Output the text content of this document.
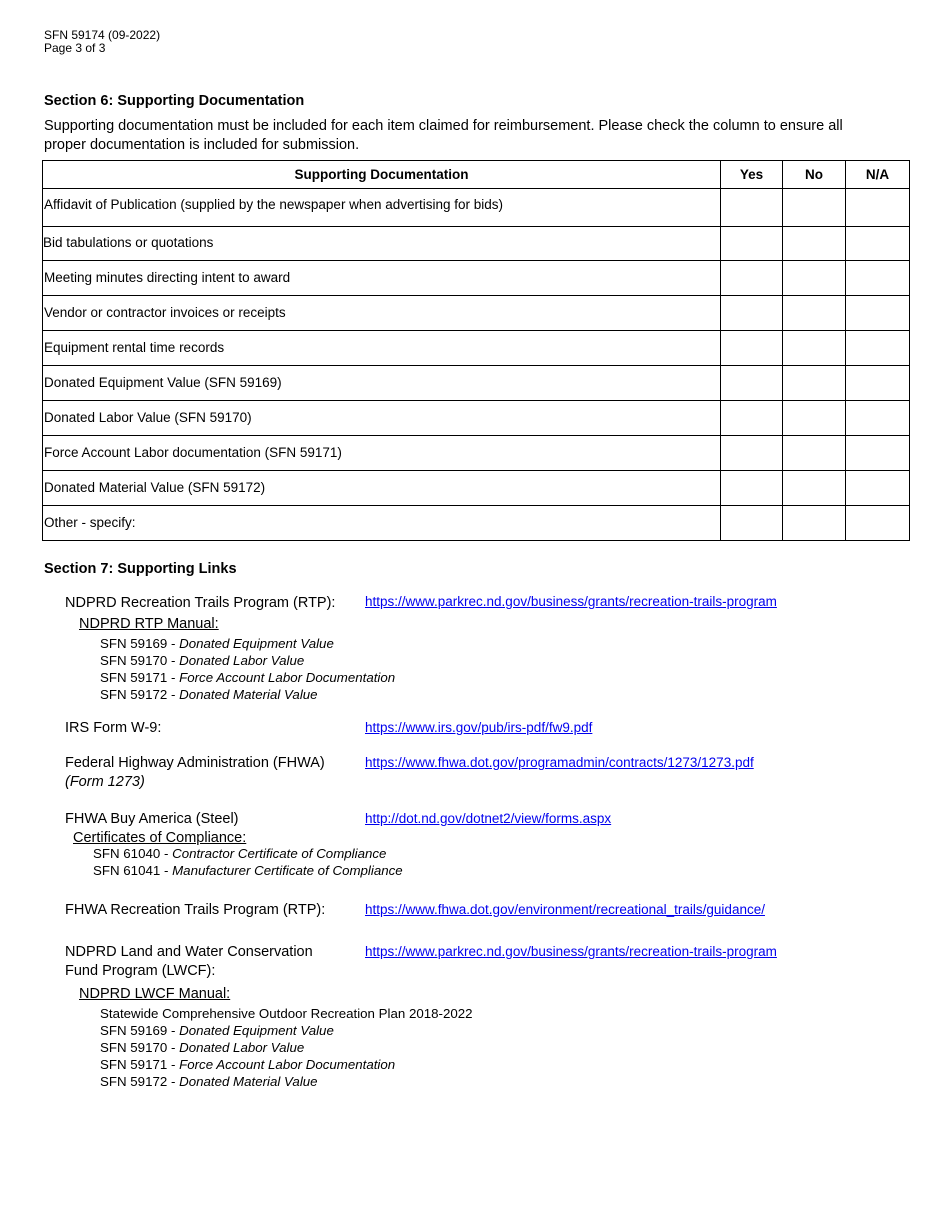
SFN 59174 (09-2022)
Page 3 of 3
Section 6: Supporting Documentation
Supporting documentation must be included for each item claimed for reimbursement. Please check the column to ensure all
proper documentation is included for submission.
Supporting Documentation	Yes	No	N/A
Affidavit of Publication (supplied by the newspaper when advertising for bids)			
Bid tabulations or quotations			
Meeting minutes directing intent to award			
Vendor or contractor invoices or receipts			
Equipment rental time records			
Donated Equipment Value (SFN 59169)			
Donated Labor Value (SFN 59170)			
Force Account Labor documentation (SFN 59171)			
Donated Material Value (SFN 59172)			
Other - specify:			
Section 7: Supporting Links
NDPRD Recreation Trails Program (RTP): https://www.parkrec.nd.gov/business/grants/recreation-trails-program
NDPRD RTP Manual:
SFN 59169 - Donated Equipment Value
SFN 59170 - Donated Labor Value
SFN 59171 - Force Account Labor Documentation
SFN 59172 - Donated Material Value
IRS Form W-9:	https://www.irs.gov/pub/irs-pdf/fw9.pdf
Federal Highway Administration (FHWA)
(Form 1273)
https://www.fhwa.dot.gov/programadmin/contracts/1273/1273.pdf
FHWA Buy America (Steel)	http://dot.nd.gov/dotnet2/view/forms.aspx
Certificates of Compliance:
SFN 61040 - Contractor Certificate of Compliance
SFN 61041 - Manufacturer Certificate of Compliance
FHWA Recreation Trails Program (RTP):	https://www.fhwa.dot.gov/environment/recreational_trails/guidance/
NDPRD Land and Water Conservation
Fund Program (LWCF):
https://www.parkrec.nd.gov/business/grants/recreation-trails-program
NDPRD LWCF Manual:
Statewide Comprehensive Outdoor Recreation Plan 2018-2022
SFN 59169 - Donated Equipment Value
SFN 59170 - Donated Labor Value
SFN 59171 - Force Account Labor Documentation
SFN 59172 - Donated Material Value
